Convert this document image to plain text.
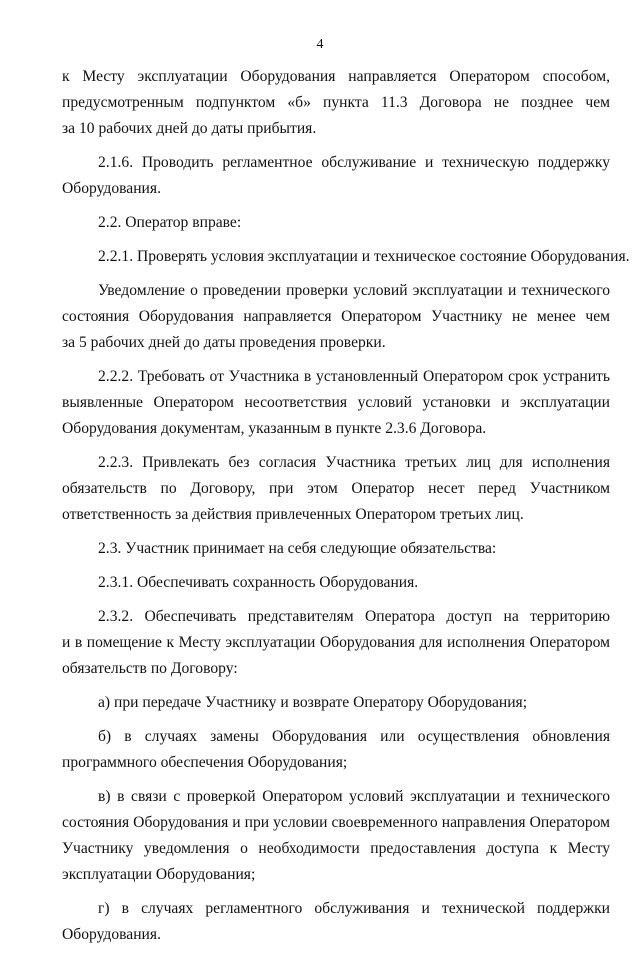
4

к Месту эксплуатации Оборудования направляется Оператором способом,
предусмотренным подпунктом «б» пункта 11.3 Договора не позднее чем
за 10 рабочих дней до даты прибытия.

2.1.6. Проводить регламентное обслуживание и техническую поддержку
Оборудования.

2.2. Оператор вправе:

2.2.1. Проверять условия эксплуатации и техническое состояние Оборудования.

Уведомление о проведении проверки условий эксплуатации и технического
состояния Оборудования направляется Оператором Участнику не менее чем
за 5 рабочих дней до даты проведения проверки.

2.2.2. Требовать от Участника в установленный Оператором срок устранить
выявленные Оператором несоответствия условий установки и эксплуатации
Оборудования документам, указанным в пункте 2.3.6 Договора.

2.2.3. Привлекать без согласия Участника третьих лиц для исполнения
обязательств по Договору, при этом Оператор несет перед Участником
ответственность за действия привлеченных Оператором третьих лиц.

2.3. Участник принимает на себя следующие обязательства:

2.3.1. Обеспечивать сохранность Оборудования.

2.3.2. Обеспечивать представителям Оператора доступ на территорию
и в помещение к Месту эксплуатации Оборудования для исполнения Оператором
обязательств по Договору:

а) при передаче Участнику и возврате Оператору Оборудования;

б) в случаях замены Оборудования или осуществления обновления
программного обеспечения Оборудования;

в) в связи с проверкой Оператором условий эксплуатации и технического
состояния Оборудования и при условии своевременного направления Оператором
Участнику уведомления о необходимости предоставления доступа к Месту
эксплуатации Оборудования;

г) в случаях регламентного обслуживания и технической поддержки
Оборудования.
